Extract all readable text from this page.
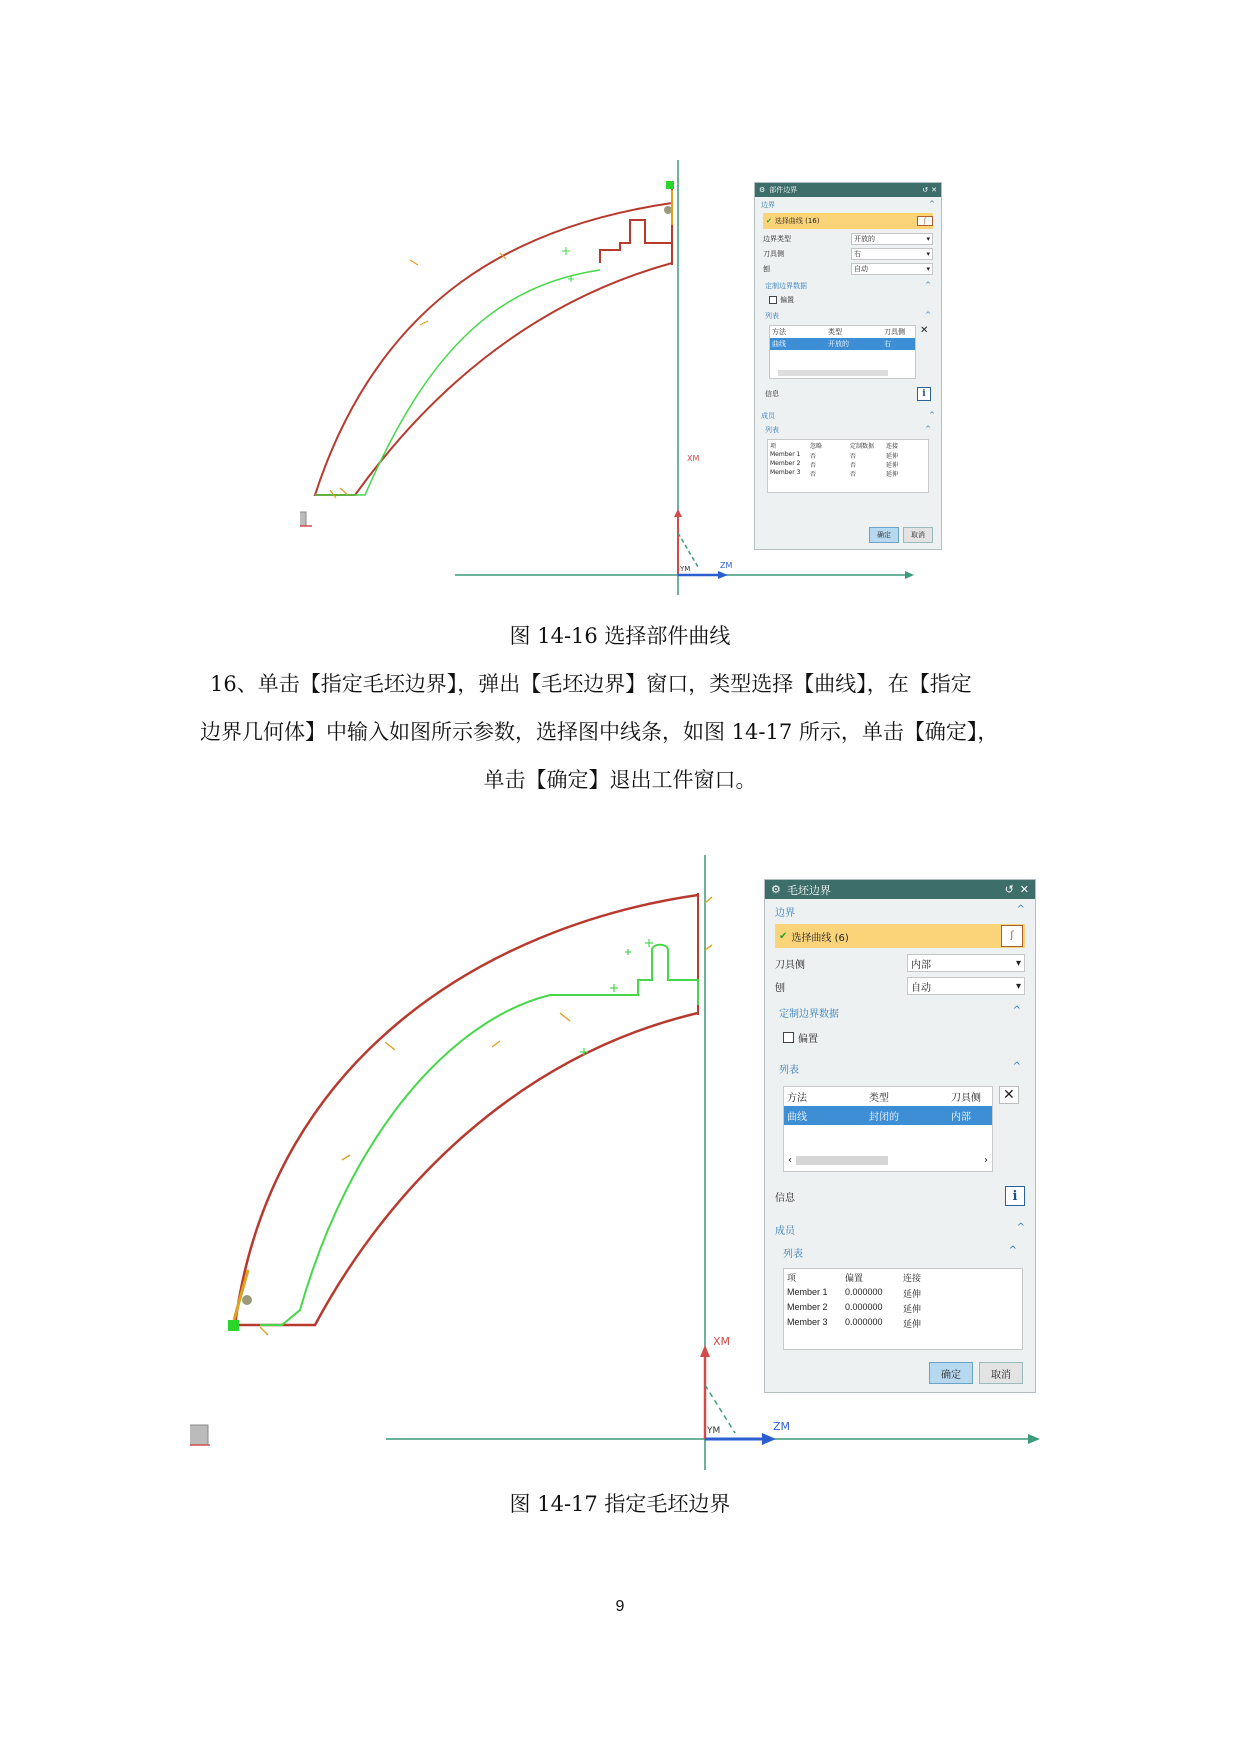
XM
YM	ZM
⚙ 部件边界	↺ ✕
边界	^
✔ 选择曲线 (16)	ʃ
边界类型	开放的	▾
刀具侧	右	▾
刨	自动	▾
定制边界数据	^
偏置
列表	^
方法	类型	刀具侧
曲线	开放的	右
✕
信息	i
成员	^
列表	^
项	忽略	定制数据	连接
Member 1	否	否	延伸
Member 2	否	否	延伸
Member 3	否	否	延伸
确定	取消
图 14-16 选择部件曲线

16、单击【指定毛坯边界】，弹出【毛坯边界】窗口，类型选择【曲线】，在【指定

边界几何体】中输入如图所示参数，选择图中线条，如图 14-17 所示，单击【确定】，

单击【确定】退出工件窗口。

XM
YM	ZM
⚙ 毛坯边界	↺ ✕
边界	^
✔ 选择曲线 (6)	ʃ
刀具侧	内部	▾
刨	自动	▾
定制边界数据	^
偏置
列表	^
方法	类型	刀具侧
曲线	封闭的	内部
‹	›
✕
信息	i
成员	^
列表	^
项	偏置	连接
Member 1	0.000000	延伸
Member 2	0.000000	延伸
Member 3	0.000000	延伸
确定	取消
图 14-17 指定毛坯边界
9
